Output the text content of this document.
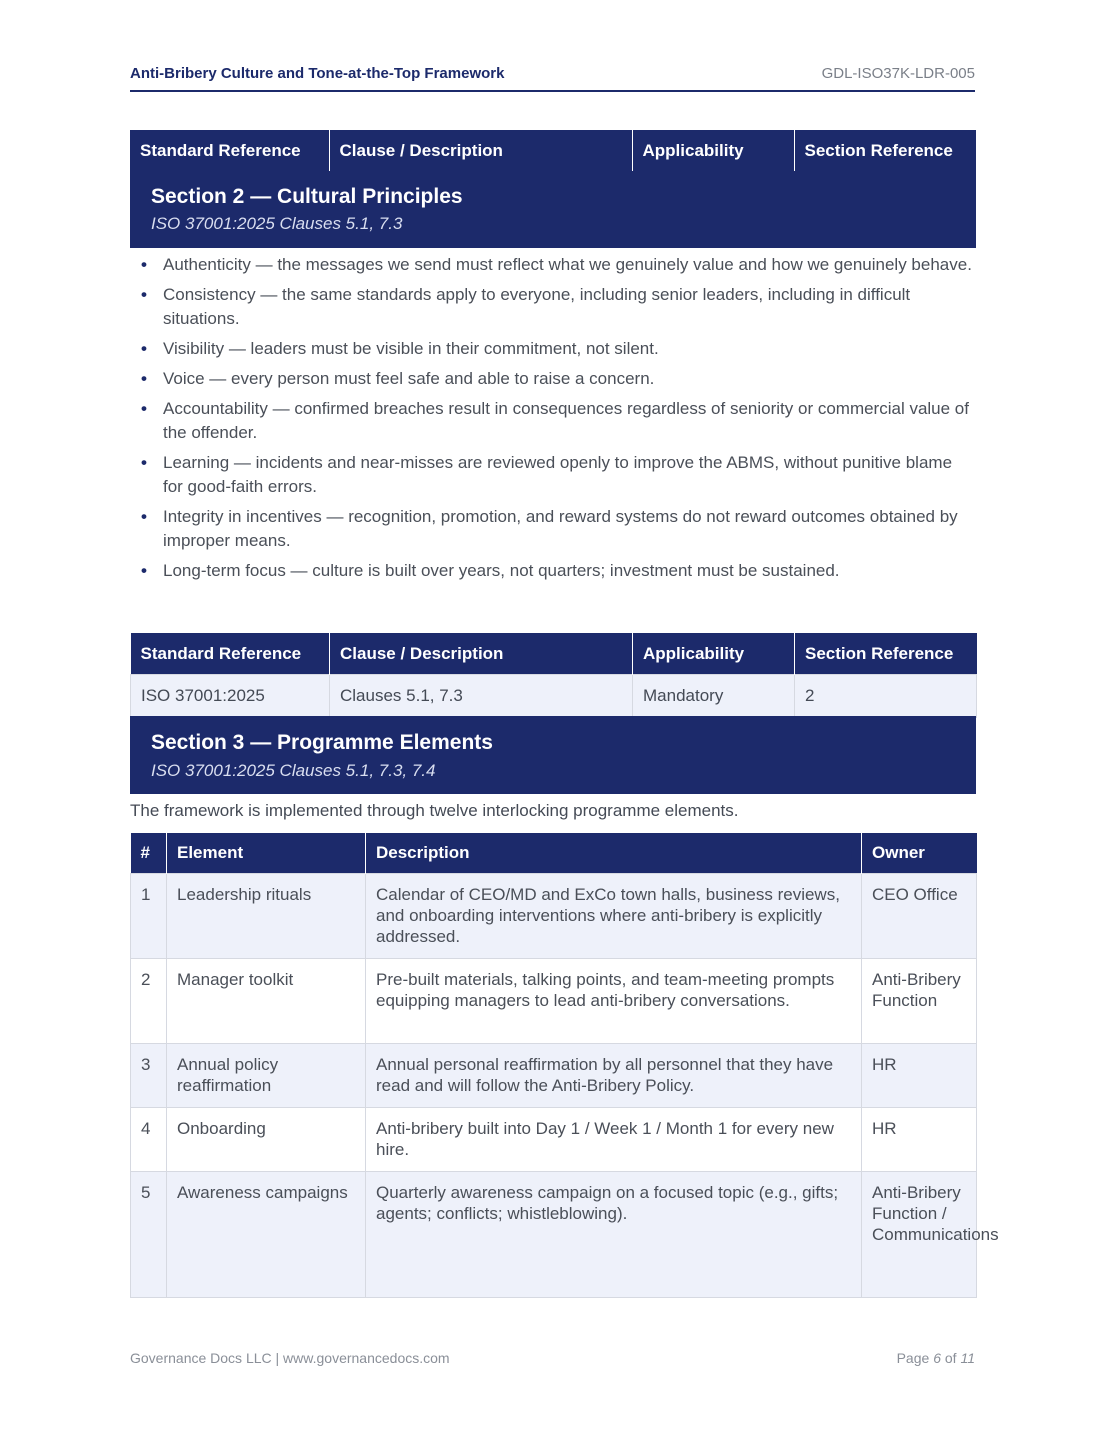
Anti-Bribery Culture and Tone-at-the-Top Framework	GDL-ISO37K-LDR-005
Standard Reference	Clause / Description	Applicability	Section Reference
Section 2 — Cultural Principles
ISO 37001:2025 Clauses 5.1, 7.3
• Authenticity — the messages we send must reflect what we genuinely value and how we genuinely behave.
• Consistency — the same standards apply to everyone, including senior leaders, including in difficult situations.
• Visibility — leaders must be visible in their commitment, not silent.
• Voice — every person must feel safe and able to raise a concern.
• Accountability — confirmed breaches result in consequences regardless of seniority or commercial value of the offender.
• Learning — incidents and near-misses are reviewed openly to improve the ABMS, without punitive blame for good-faith errors.
• Integrity in incentives — recognition, promotion, and reward systems do not reward outcomes obtained by improper means.
• Long-term focus — culture is built over years, not quarters; investment must be sustained.
Standard Reference	Clause / Description	Applicability	Section Reference
ISO 37001:2025	Clauses 5.1, 7.3	Mandatory	2
Section 3 — Programme Elements
ISO 37001:2025 Clauses 5.1, 7.3, 7.4
The framework is implemented through twelve interlocking programme elements.
#	Element	Description	Owner
1	Leadership rituals	Calendar of CEO/MD and ExCo town halls, business reviews, and onboarding interventions where anti-bribery is explicitly addressed.	CEO Office
2	Manager toolkit	Pre-built materials, talking points, and team-meeting prompts equipping managers to lead anti-bribery conversations.	Anti-Bribery Function
3	Annual policy reaffirmation	Annual personal reaffirmation by all personnel that they have read and will follow the Anti-Bribery Policy.	HR
4	Onboarding	Anti-bribery built into Day 1 / Week 1 / Month 1 for every new hire.	HR
5	Awareness campaigns	Quarterly awareness campaign on a focused topic (e.g., gifts; agents; conflicts; whistleblowing).	Anti-Bribery Function / Communications
Governance Docs LLC | www.governancedocs.com	Page 6 of 11
